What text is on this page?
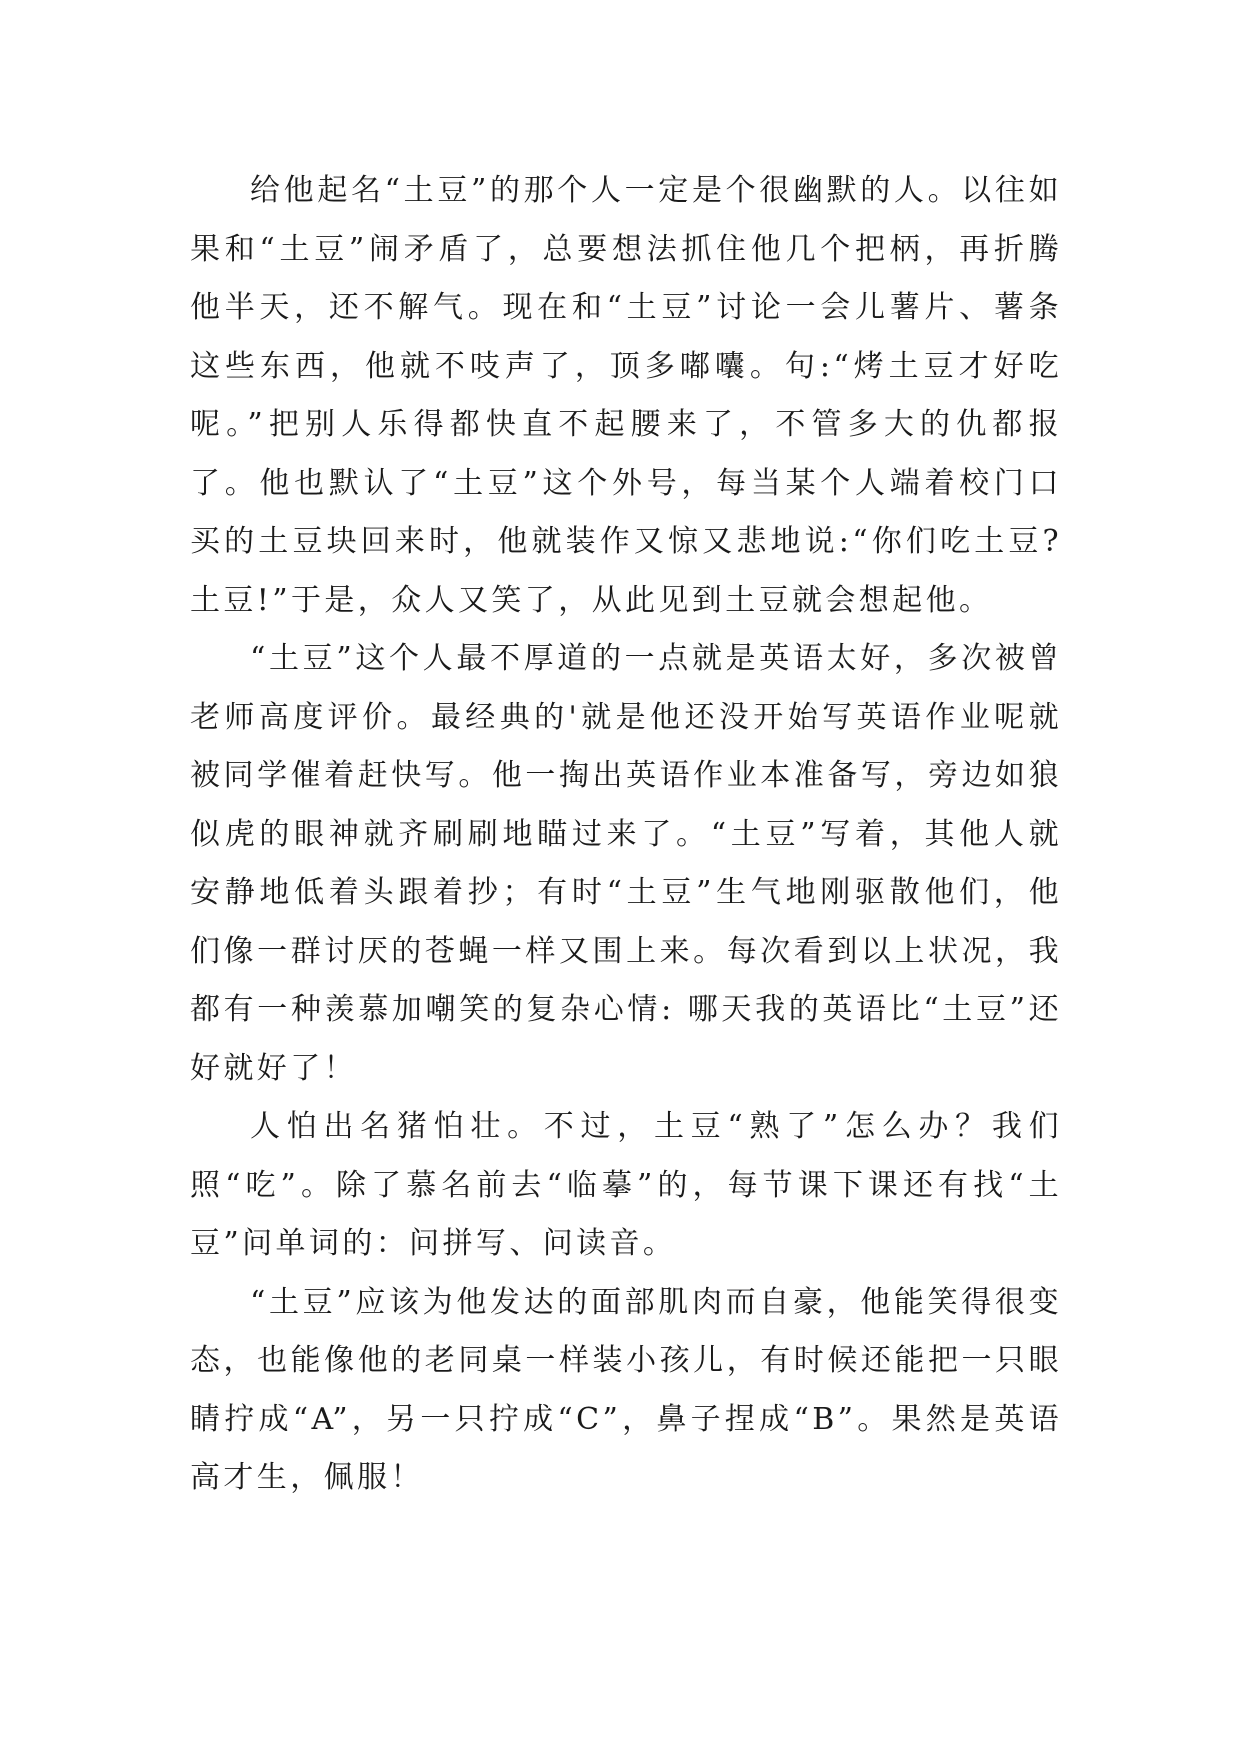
给他起名“土豆”的那个人一定是个很幽默的人。以往如果和“土豆”闹矛盾了，总要想法抓住他几个把柄，再折腾他半天，还不解气。现在和“土豆”讨论一会儿薯片、薯条这些东西，他就不吱声了，顶多嘟囔。句:“烤土豆才好吃呢。”把别人乐得都快直不起腰来了，不管多大的仇都报了。他也默认了“土豆”这个外号，每当某个人端着校门口买的土豆块回来时，他就装作又惊又悲地说:“你们吃土豆?土豆!”于是，众人又笑了，从此见到土豆就会想起他。

“土豆”这个人最不厚道的一点就是英语太好，多次被曾老师高度评价。最经典的'就是他还没开始写英语作业呢就被同学催着赶快写。他一掏出英语作业本准备写，旁边如狼似虎的眼神就齐刷刷地瞄过来了。“土豆”写着，其他人就安静地低着头跟着抄；有时“土豆”生气地刚驱散他们，他们像一群讨厌的苍蝇一样又围上来。每次看到以上状况，我都有一种羡慕加嘲笑的复杂心情: 哪天我的英语比“土豆”还好就好了！

人怕出名猪怕壮。不过，土豆“熟了”怎么办？我们照“吃”。除了慕名前去“临摹”的，每节课下课还有找“土豆”问单词的：问拼写、问读音。

“土豆”应该为他发达的面部肌肉而自豪，他能笑得很变态，也能像他的老同桌一样装小孩儿，有时候还能把一只眼睛拧成“A”，另一只拧成“C”，鼻子捏成“B”。果然是英语高才生，佩服！
